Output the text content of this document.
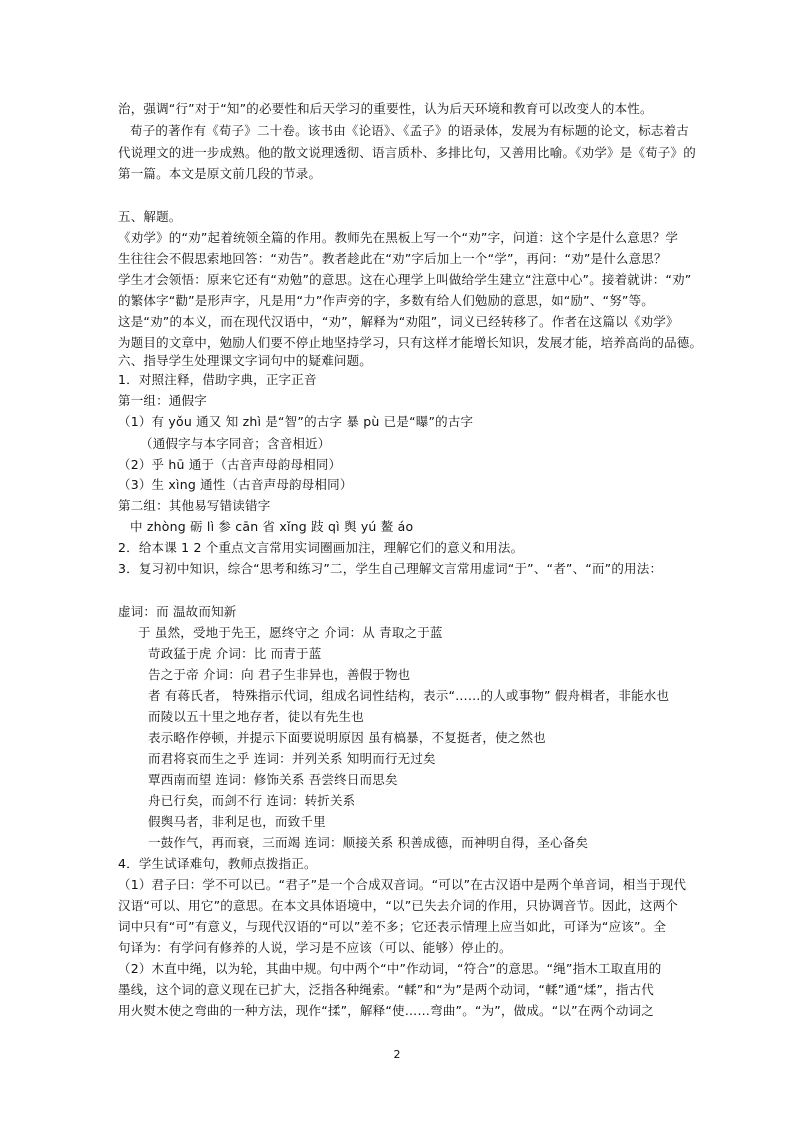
治，强调“行”对于“知”的必要性和后天学习的重要性，认为后天环境和教育可以改变人的本性。
荀子的著作有《荀子》二十卷。该书由《论语》、《孟子》的语录体，发展为有标题的论文，标志着古
代说理文的进一步成熟。他的散文说理透彻、语言质朴、多排比句，又善用比喻。《劝学》是《荀子》的
第一篇。本文是原文前几段的节录。
五、解题。
《劝学》的“劝”起着统领全篇的作用。教师先在黑板上写一个“劝”字，问道：这个字是什么意思？学
生往往会不假思索地回答：“劝告”。教者趁此在“劝”字后加上一个“学”，再问：“劝”是什么意思？
学生才会领悟：原来它还有“劝勉”的意思。这在心理学上叫做给学生建立“注意中心”。接着就讲：“劝”
的繁体字“勸”是形声字，凡是用“力”作声旁的字，多数有给人们勉励的意思，如“励”、“努”等。
这是“劝”的本义，而在现代汉语中，“劝”，解释为“劝阻”，词义已经转移了。作者在这篇以《劝学》
为题目的文章中，勉励人们要不停止地坚持学习，只有这样才能增长知识，发展才能，培养高尚的品德。
六、指导学生处理课文字词句中的疑难问题。
1．对照注释，借助字典，正字正音
第一组：通假字
（1）有 yǒu 通又 知 zhì 是“智”的古字 暴 pù 已是“曝”的古字
（通假字与本字同音；含音相近）
（2）乎 hū 通于（古音声母韵母相同）
（3）生 xìng 通性（古音声母韵母相同）
第二组：其他易写错读错字
中 zhòng 砺 lì 参 cān 省 xǐng 跂 qì 舆 yú 鳌 áo
2．给本课 1 2 个重点文言常用实词圈画加注，理解它们的意义和用法。
3．复习初中知识，综合“思考和练习”二，学生自己理解文言常用虚词“于”、“者”、“而”的用法：
虚词：而 温故而知新
于 虽然，受地于先王，愿终守之 介词：从 青取之于蓝
苛政猛于虎 介词：比 而青于蓝
告之于帝 介词：向 君子生非异也，善假于物也
者 有蒋氏者， 特殊指示代词，组成名词性结构，表示“……的人或事物” 假舟楫者，非能水也
而陵以五十里之地存者，徒以有先生也
表示略作停顿，并提示下面要说明原因 虽有槁暴，不复挺者，使之然也
而君将哀而生之乎 连词：并列关系 知明而行无过矣
覃西南而望 连词：修饰关系 吾尝终日而思矣
舟已行矣，而剑不行 连词：转折关系
假舆马者，非利足也，而致千里
一鼓作气，再而衰，三而竭 连词：顺接关系 积善成德，而神明自得，圣心备矣
4．学生试译难句，教师点拨指正。
（1）君子曰：学不可以已。“君子”是一个合成双音词。“可以”在古汉语中是两个单音词，相当于现代
汉语“可以、用它”的意思。在本文具体语境中，“以”已失去介词的作用，只协调音节。因此，这两个
词中只有“可”有意义，与现代汉语的“可以”差不多；它还表示情理上应当如此，可译为“应该”。全
句译为：有学问有修养的人说，学习是不应该（可以、能够）停止的。
（2）木直中绳，以为轮，其曲中规。句中两个“中”作动词，“符合”的意思。“绳”指木工取直用的
墨线，这个词的意义现在已扩大，泛指各种绳索。“輮”和“为”是两个动词，“輮”通“煣”，指古代
用火熨木使之弯曲的一种方法，现作“揉”，解释“使……弯曲”。“为”，做成。“以”在两个动词之
2
